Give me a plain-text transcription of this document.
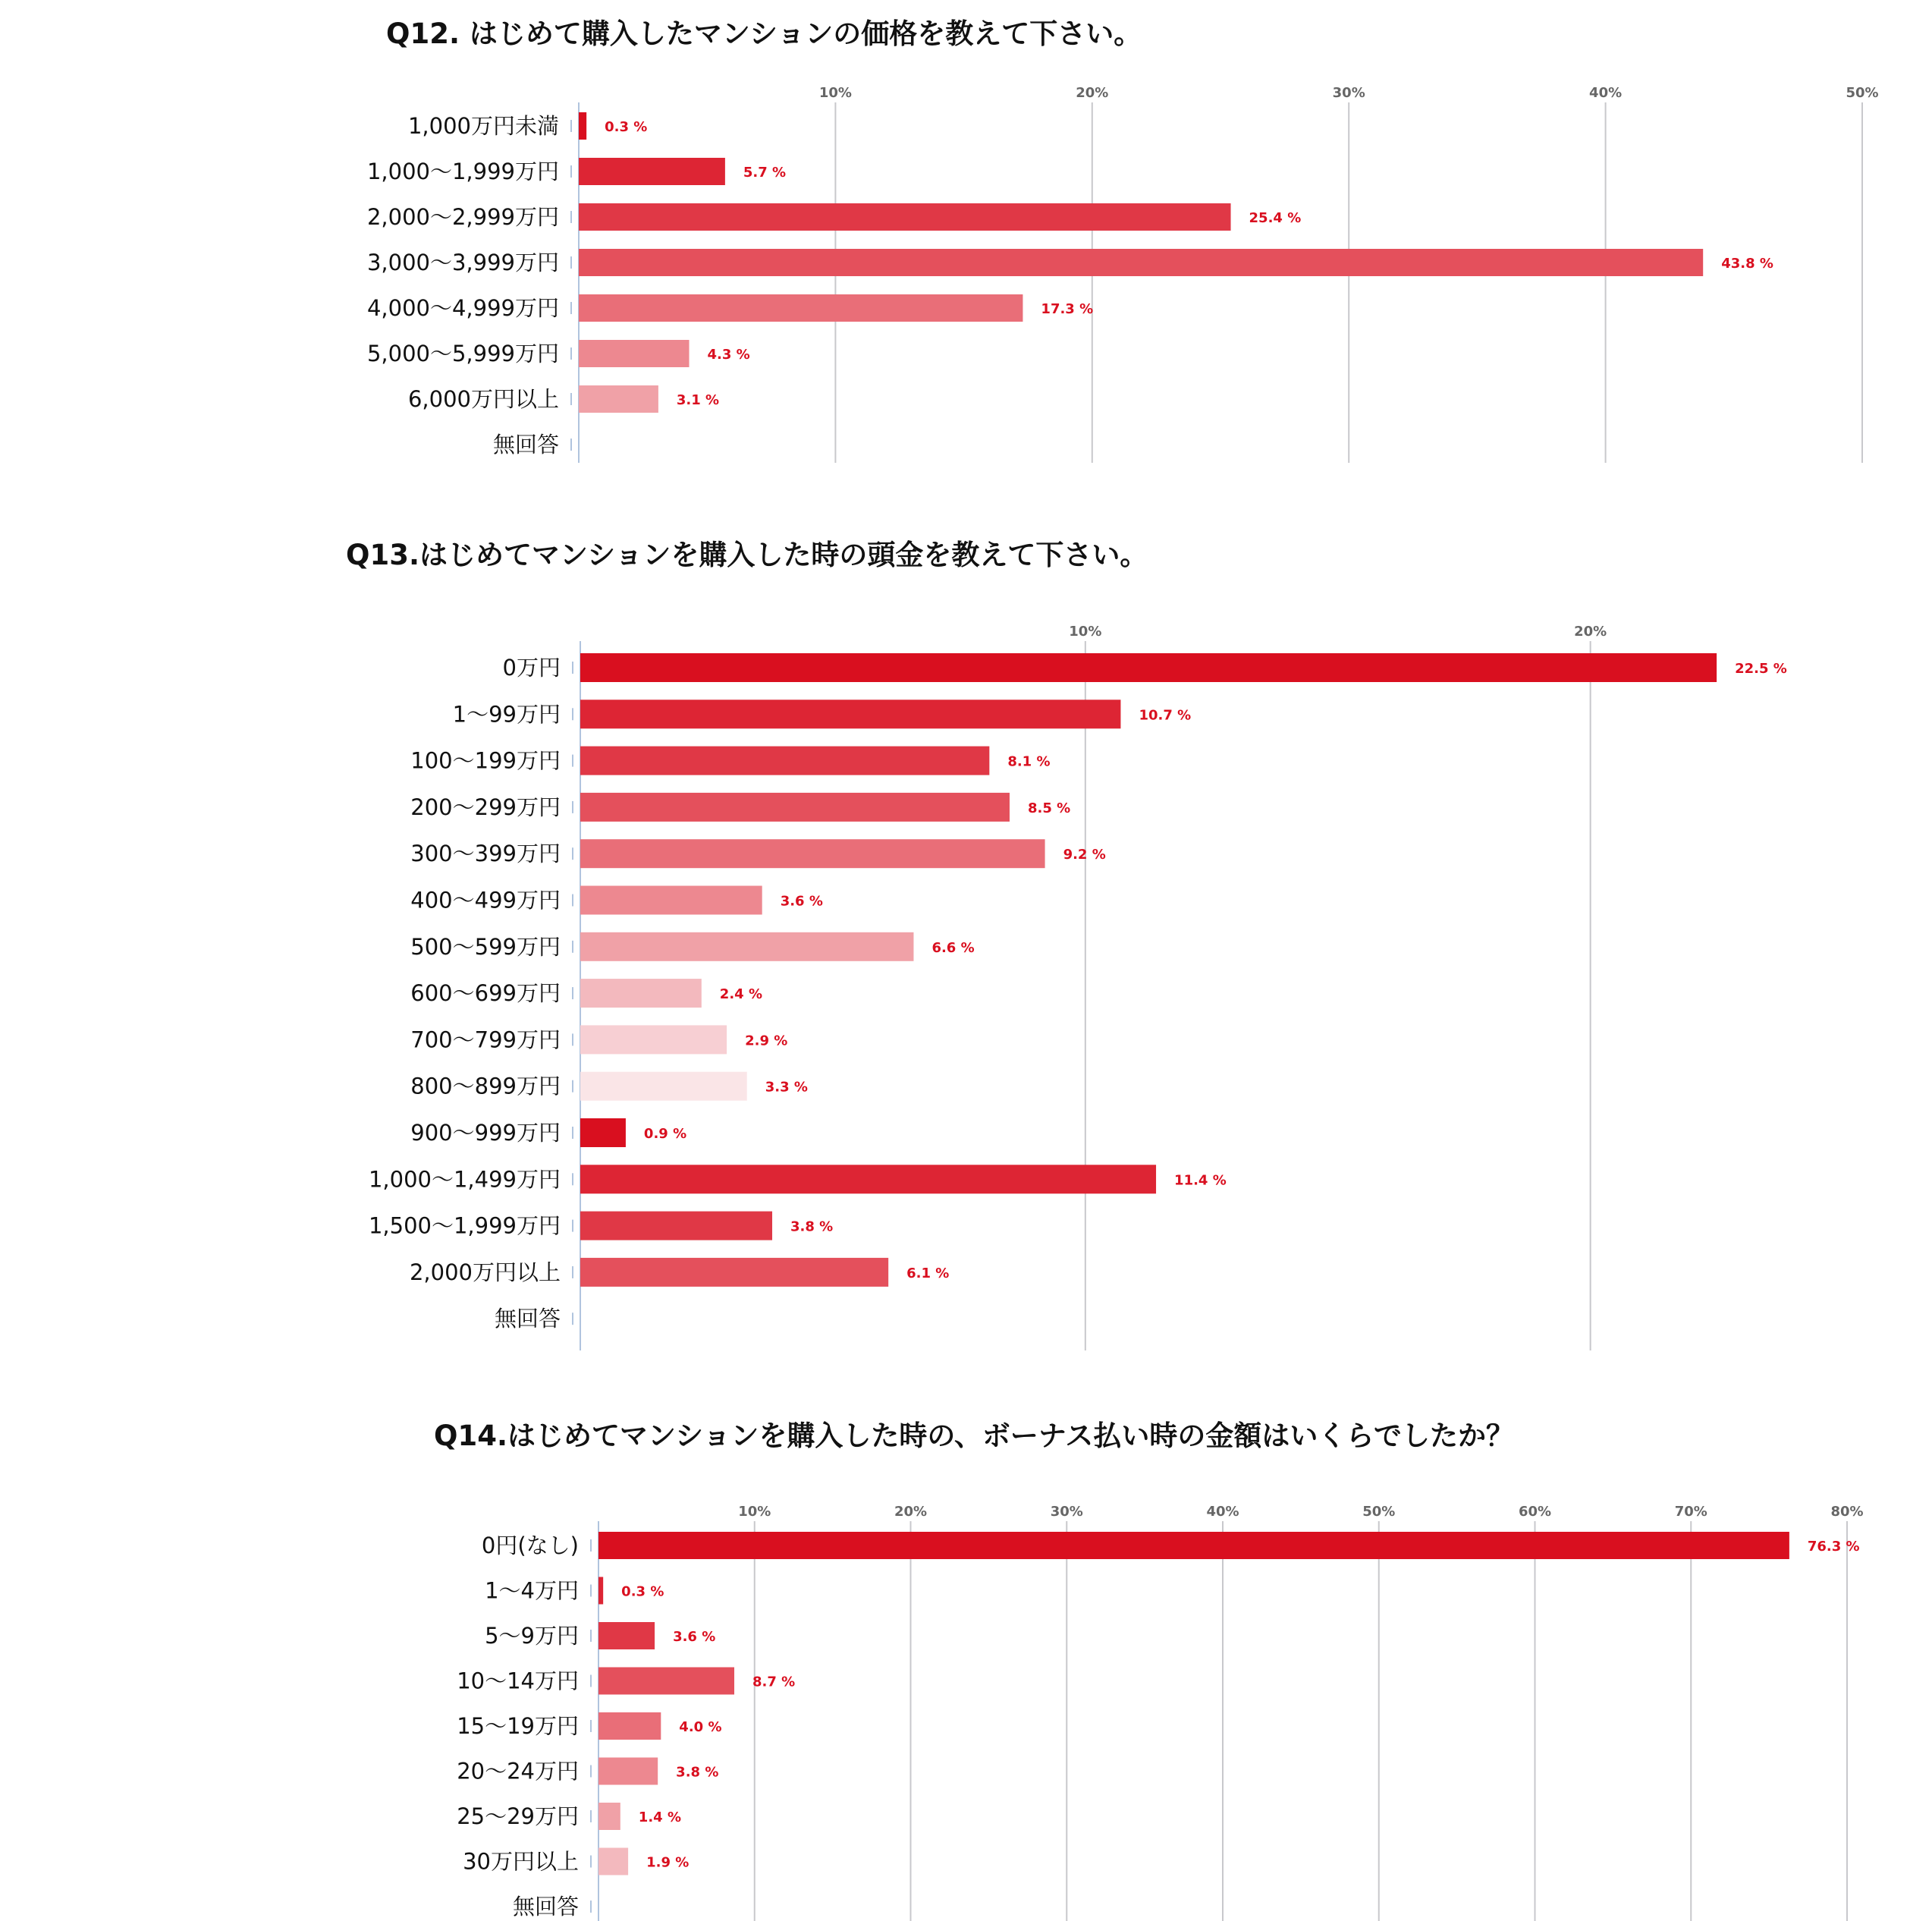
Q12. はじめて購入したマンションの価格を教えて下さい。
10%	20%	30%	40%	50%
1,000万円未満	0.3 %
1,000～1,999万円	5.7 %
2,000～2,999万円	25.4 %
3,000～3,999万円	43.8 %
4,000～4,999万円	17.3 %
5,000～5,999万円	4.3 %
6,000万円以上	3.1 %
無回答
Q13.はじめてマンションを購入した時の頭金を教えて下さい。
10%	20%
0万円	22.5 %
1～99万円	10.7 %
100～199万円	8.1 %
200～299万円	8.5 %
300～399万円	9.2 %
400～499万円	3.6 %
500～599万円	6.6 %
600～699万円	2.4 %
700～799万円	2.9 %
800～899万円	3.3 %
900～999万円	0.9 %
1,000～1,499万円	11.4 %
1,500～1,999万円	3.8 %
2,000万円以上	6.1 %
無回答
Q14.はじめてマンションを購入した時の、ボーナス払い時の金額はいくらでしたか？
10%	20%	30%	40%	50%	60%	70%	80%
0円(なし)	76.3 %
1～4万円	0.3 %
5～9万円	3.6 %
10～14万円	8.7 %
15～19万円	4.0 %
20～24万円	3.8 %
25～29万円	1.4 %
30万円以上	1.9 %
無回答
